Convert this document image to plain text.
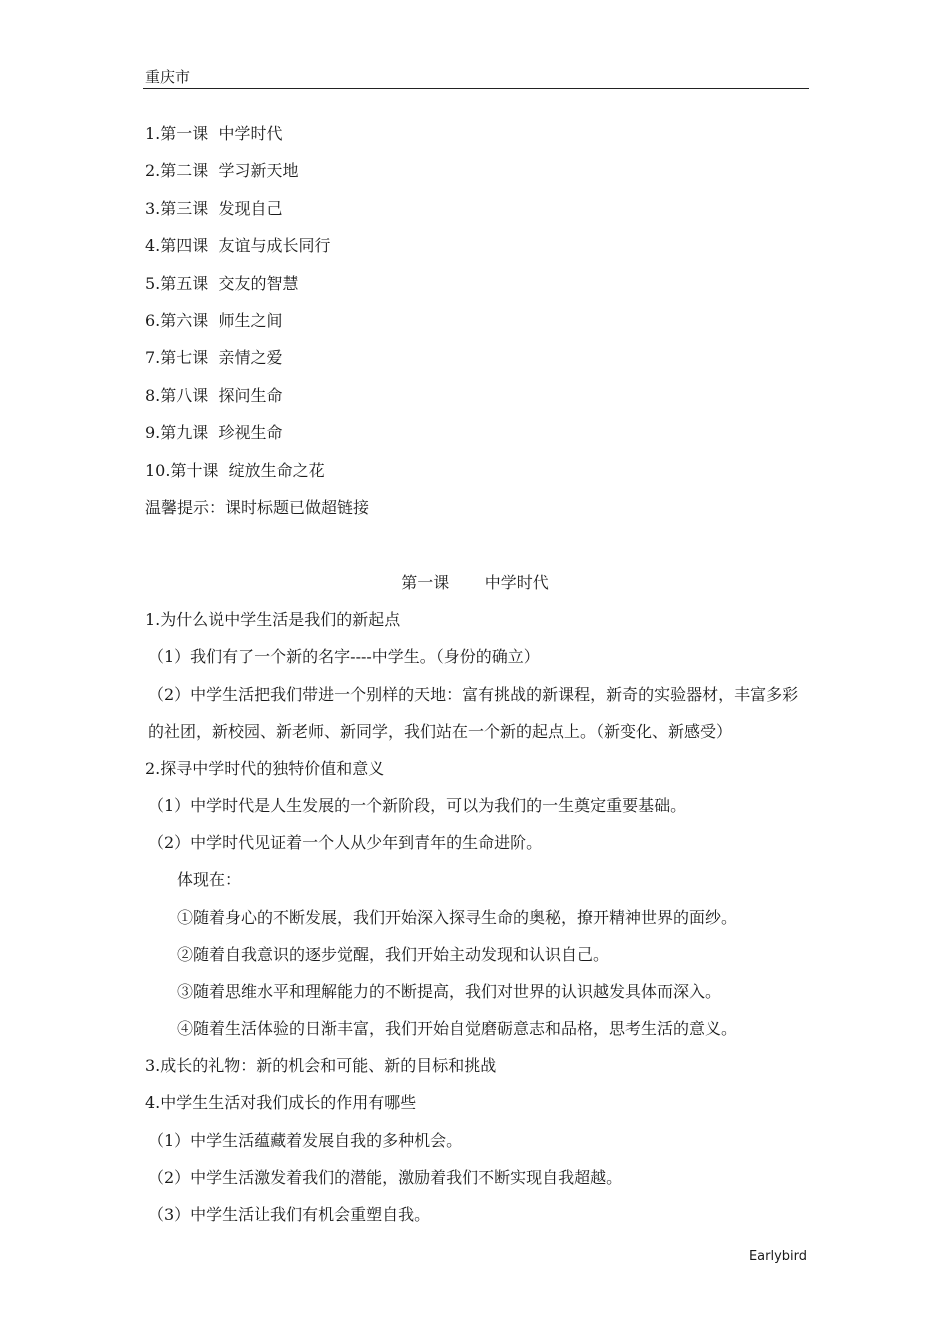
重庆市
1.第一课  中学时代
2.第二课  学习新天地
3.第三课  发现自己
4.第四课  友谊与成长同行
5.第五课  交友的智慧
6.第六课  师生之间
7.第七课  亲情之爱
8.第八课  探问生命
9.第九课  珍视生命
10.第十课  绽放生命之花
温馨提示：课时标题已做超链接
第一课       中学时代
1.为什么说中学生活是我们的新起点
（1）我们有了一个新的名字----中学生。（身份的确立）
（2）中学生活把我们带进一个别样的天地：富有挑战的新课程，新奇的实验器材，丰富多彩的社团，新校园、新老师、新同学，我们站在一个新的起点上。（新变化、新感受）
2.探寻中学时代的独特价值和意义
（1）中学时代是人生发展的一个新阶段，可以为我们的一生奠定重要基础。
（2）中学时代见证着一个人从少年到青年的生命进阶。
体现在：
①随着身心的不断发展，我们开始深入探寻生命的奥秘，撩开精神世界的面纱。
②随着自我意识的逐步觉醒，我们开始主动发现和认识自己。
③随着思维水平和理解能力的不断提高，我们对世界的认识越发具体而深入。
④随着生活体验的日渐丰富，我们开始自觉磨砺意志和品格，思考生活的意义。
3.成长的礼物：新的机会和可能、新的目标和挑战
4.中学生生活对我们成长的作用有哪些
（1）中学生活蕴藏着发展自我的多种机会。
（2）中学生活激发着我们的潜能，激励着我们不断实现自我超越。
（3）中学生活让我们有机会重塑自我。
Earlybird
